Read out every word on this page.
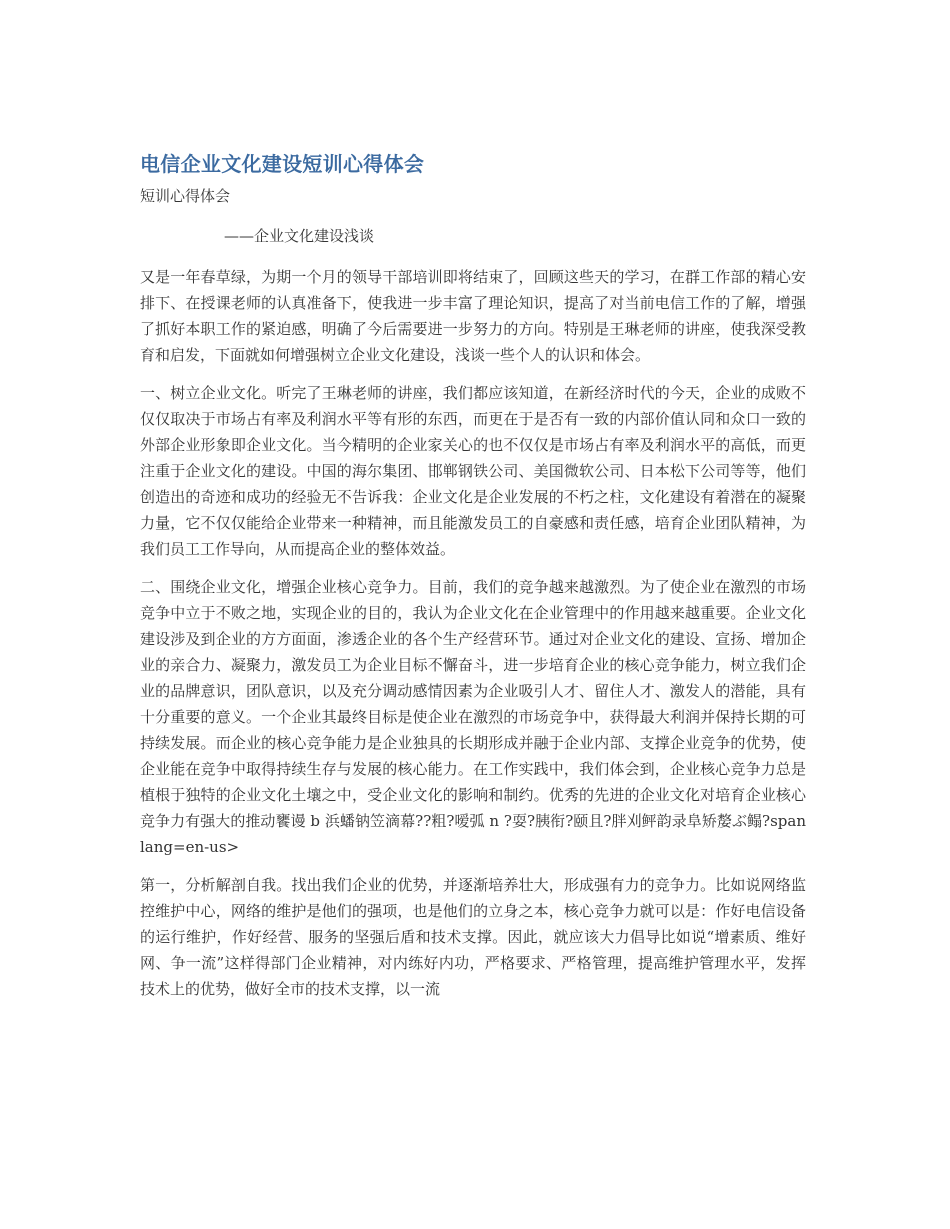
电信企业文化建设短训心得体会

短训心得体会

——企业文化建设浅谈

又是一年春草绿，为期一个月的领导干部培训即将结束了，回顾这些天的学习，在群工作部的精心安排下、在授课老师的认真准备下，使我进一步丰富了理论知识，提高了对当前电信工作的了解，增强了抓好本职工作的紧迫感，明确了今后需要进一步努力的方向。特别是王琳老师的讲座，使我深受教育和启发，下面就如何增强树立企业文化建设，浅谈一些个人的认识和体会。

一、树立企业文化。听完了王琳老师的讲座，我们都应该知道，在新经济时代的今天，企业的成败不仅仅取决于市场占有率及利润水平等有形的东西，而更在于是否有一致的内部价值认同和众口一致的外部企业形象即企业文化。当今精明的企业家关心的也不仅仅是市场占有率及利润水平的高低，而更注重于企业文化的建设。中国的海尔集团、邯郸钢铁公司、美国微软公司、日本松下公司等等，他们创造出的奇迹和成功的经验无不告诉我：企业文化是企业发展的不朽之柱，文化建设有着潜在的凝聚力量，它不仅仅能给企业带来一种精神，而且能激发员工的自豪感和责任感，培育企业团队精神，为我们员工工作导向，从而提高企业的整体效益。

二、围绕企业文化，增强企业核心竞争力。目前，我们的竞争越来越激烈。为了使企业在激烈的市场竞争中立于不败之地，实现企业的目的，我认为企业文化在企业管理中的作用越来越重要。企业文化建设涉及到企业的方方面面，渗透企业的各个生产经营环节。通过对企业文化的建设、宣扬、增加企业的亲合力、凝聚力，激发员工为企业目标不懈奋斗，进一步培育企业的核心竞争能力，树立我们企业的品牌意识，团队意识，以及充分调动感情因素为企业吸引人才、留住人才、激发人的潜能，具有十分重要的意义。一个企业其最终目标是使企业在激烈的市场竞争中，获得最大利润并保持长期的可持续发展。而企业的核心竞争能力是企业独具的长期形成并融于企业内部、支撑企业竞争的优势，使企业能在竞争中取得持续生存与发展的核心能力。在工作实践中，我们体会到，企业核心竞争力总是植根于独特的企业文化土壤之中，受企业文化的影响和制约。优秀的先进的企业文化对培育企业核心竞争力有强大的推动饔谩 b 浜蟠钠笠滴幕??粗?嗳弧 n ?耍?胰衔?颐且?胖刈鲆韵录阜矫嫠ぶ鳎?span lang=en-us>

第一，分析解剖自我。找出我们企业的优势，并逐渐培养壮大，形成强有力的竞争力。比如说网络监控维护中心，网络的维护是他们的强项，也是他们的立身之本，核心竞争力就可以是：作好电信设备的运行维护，作好经营、服务的坚强后盾和技术支撑。因此，就应该大力倡导比如说“增素质、维好网、争一流”这样得部门企业精神，对内练好内功，严格要求、严格管理，提高维护管理水平，发挥技术上的优势，做好全市的技术支撑，以一流
